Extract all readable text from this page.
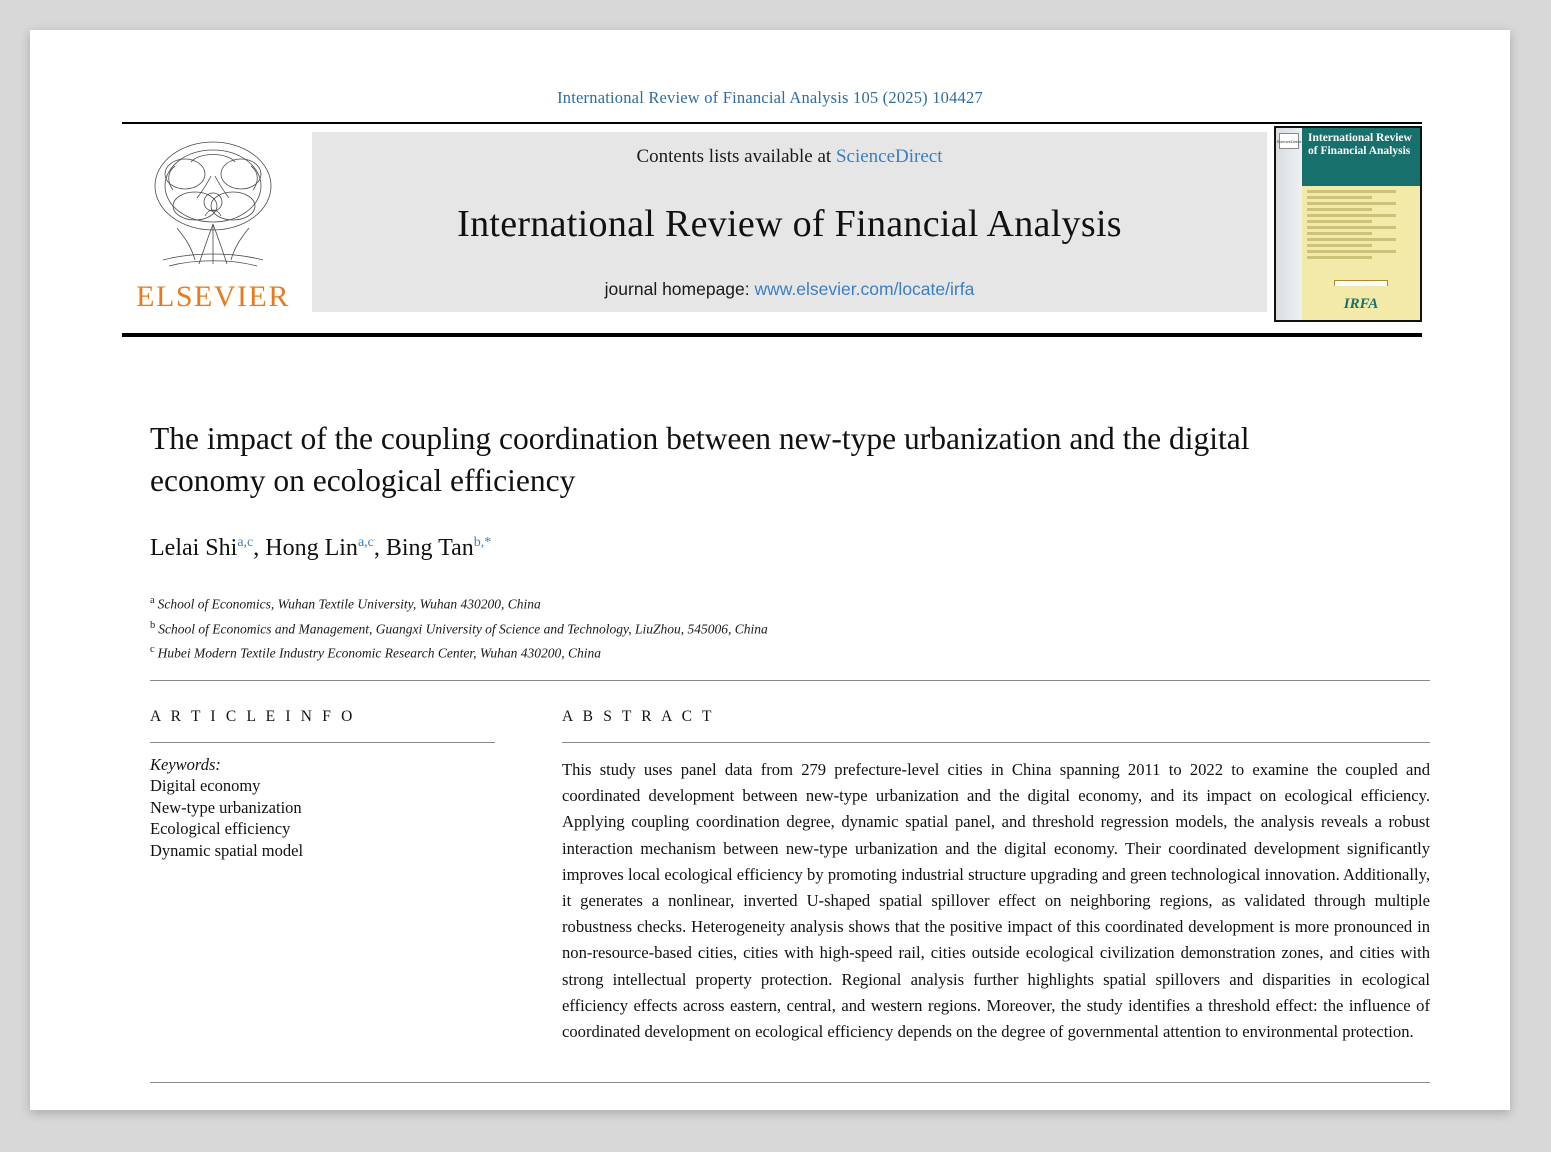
International Review of Financial Analysis 105 (2025) 104427
ELSEVIER
Contents lists available at ScienceDirect
International Review of Financial Analysis
journal homepage: www.elsevier.com/locate/irfa
ScienceDirect International Review of Financial Analysis
IRFA
The impact of the coupling coordination between new-type urbanization and the digital economy on ecological efficiency
Lelai Shi$^{a,c}$, Hong Lin$^{a,c}$, Bing Tan$^{b,*}$
$^a$ School of Economics, Wuhan Textile University, Wuhan 430200, China
$^b$ School of Economics and Management, Guangxi University of Science and Technology, LiuZhou, 545006, China
$^c$ Hubei Modern Textile Industry Economic Research Center, Wuhan 430200, China
A R T I C L E I N F O
Keywords:
Digital economy
New-type urbanization
Ecological efficiency
Dynamic spatial model
A B S T R A C T
This study uses panel data from 279 prefecture-level cities in China spanning 2011 to 2022 to examine the coupled and coordinated development between new-type urbanization and the digital economy, and its impact on ecological efficiency. Applying coupling coordination degree, dynamic spatial panel, and threshold regression models, the analysis reveals a robust interaction mechanism between new-type urbanization and the digital economy. Their coordinated development significantly improves local ecological efficiency by promoting industrial structure upgrading and green technological innovation. Additionally, it generates a nonlinear, inverted U-shaped spatial spillover effect on neighboring regions, as validated through multiple robustness checks. Heterogeneity analysis shows that the positive impact of this coordinated development is more pronounced in non-resource-based cities, cities with high-speed rail, cities outside ecological civilization demonstration zones, and cities with strong intellectual property protection. Regional analysis further highlights spatial spillovers and disparities in ecological efficiency effects across eastern, central, and western regions. Moreover, the study identifies a threshold effect: the influence of coordinated development on ecological efficiency depends on the degree of governmental attention to environmental protection.
